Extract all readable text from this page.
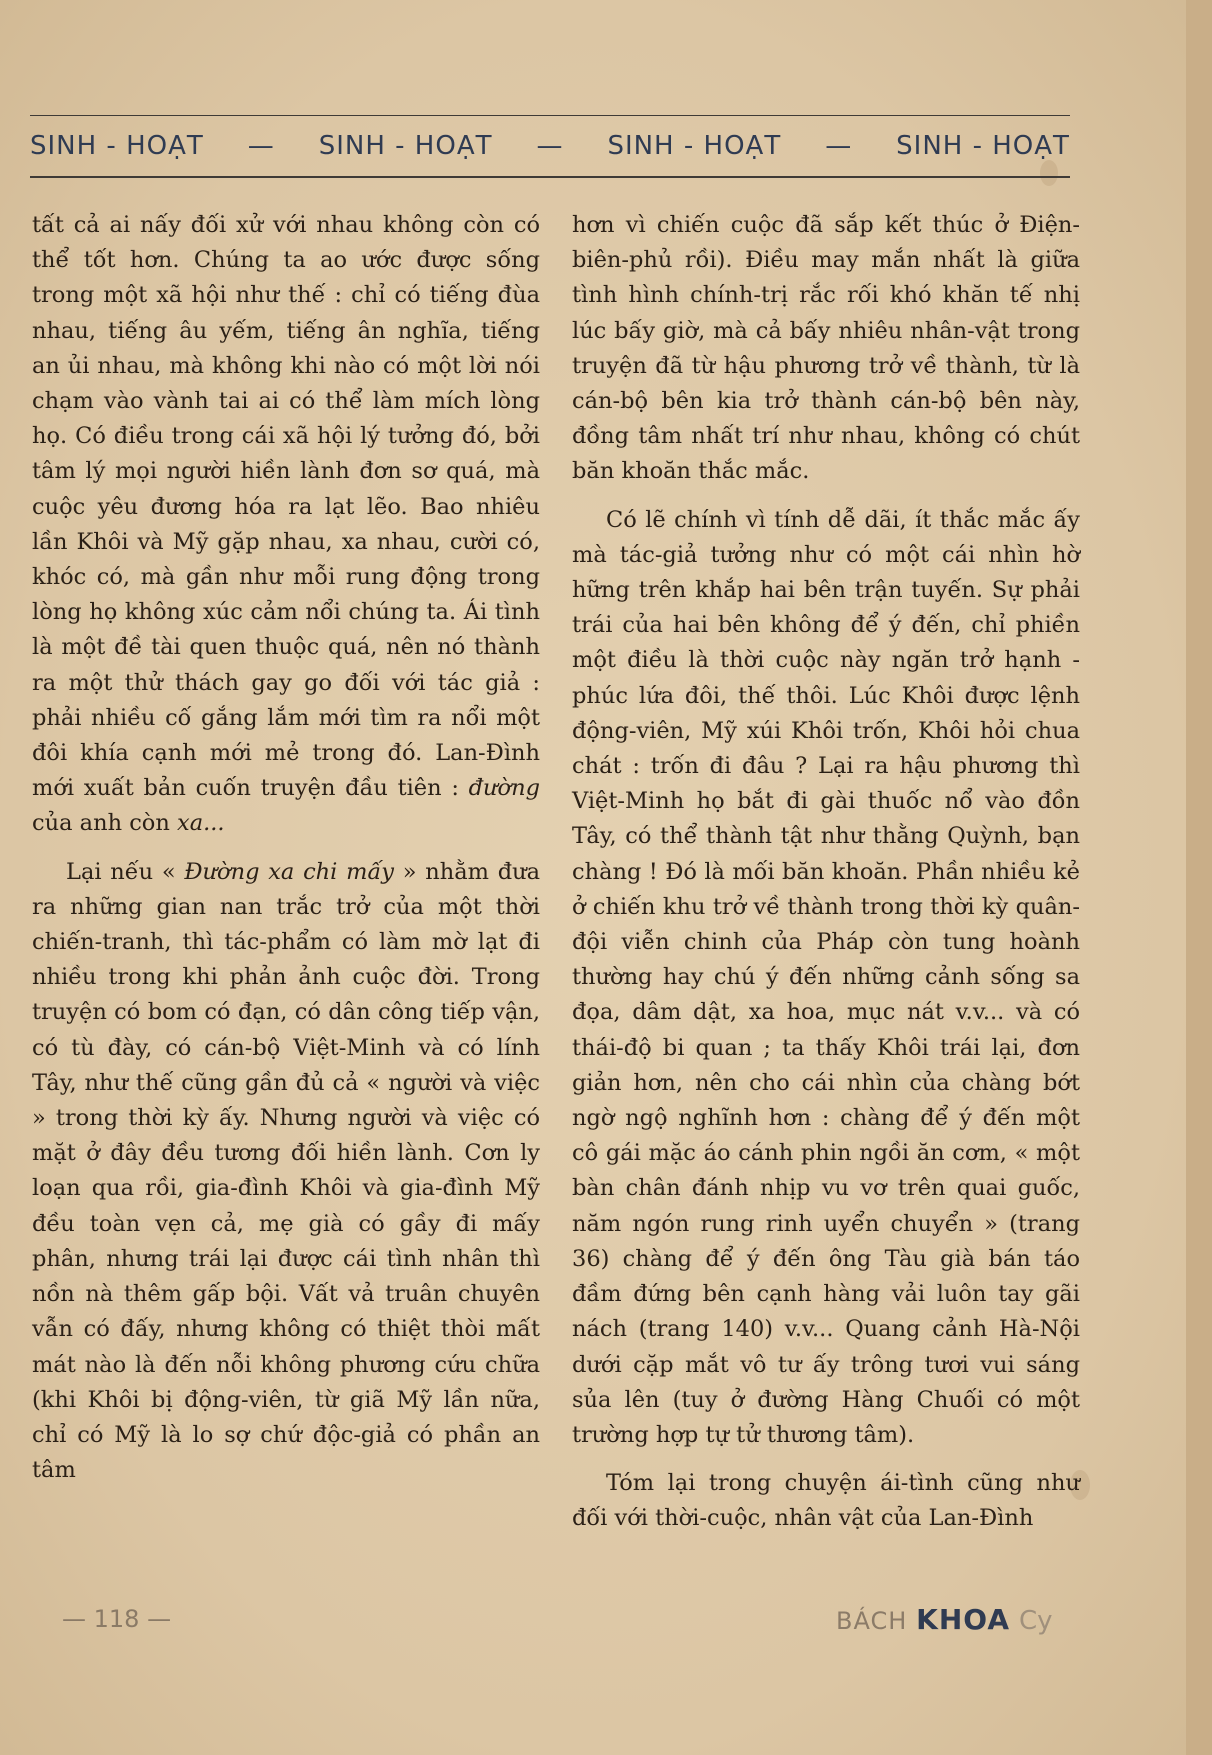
SINH - HOẠT — SINH - HOẠT — SINH - HOẠT — SINH - HOẠT

tất cả ai nấy đối xử với nhau không còn có thể tốt hơn. Chúng ta ao ước được sống trong một xã hội như thế : chỉ có tiếng đùa nhau, tiếng âu yếm, tiếng ân nghĩa, tiếng an ủi nhau, mà không khi nào có một lời nói chạm vào vành tai ai có thể làm mích lòng họ. Có điều trong cái xã hội lý tưởng đó, bởi tâm lý mọi người hiền lành đơn sơ quá, mà cuộc yêu đương hóa ra lạt lẽo. Bao nhiêu lần Khôi và Mỹ gặp nhau, xa nhau, cười có, khóc có, mà gần như mỗi rung động trong lòng họ không xúc cảm nổi chúng ta. Ái tình là một đề tài quen thuộc quá, nên nó thành ra một thử thách gay go đối với tác giả : phải nhiều cố gắng lắm mới tìm ra nổi một đôi khía cạnh mới mẻ trong đó. Lan-Đình mới xuất bản cuốn truyện đầu tiên : đường của anh còn xa...

Lại nếu « Đường xa chi mấy » nhằm đưa ra những gian nan trắc trở của một thời chiến-tranh, thì tác-phẩm có làm mờ lạt đi nhiều trong khi phản ảnh cuộc đời. Trong truyện có bom có đạn, có dân công tiếp vận, có tù đày, có cán-bộ Việt-Minh và có lính Tây, như thế cũng gần đủ cả « người và việc » trong thời kỳ ấy. Nhưng người và việc có mặt ở đây đều tương đối hiền lành. Cơn ly loạn qua rồi, gia-đình Khôi và gia-đình Mỹ đều toàn vẹn cả, mẹ già có gầy đi mấy phân, nhưng trái lại được cái tình nhân thì nồn nà thêm gấp bội. Vất vả truân chuyên vẫn có đấy, nhưng không có thiệt thòi mất mát nào là đến nỗi không phương cứu chữa (khi Khôi bị động-viên, từ giã Mỹ lần nữa, chỉ có Mỹ là lo sợ chứ độc-giả có phần an tâm

hơn vì chiến cuộc đã sắp kết thúc ở Điện-biên-phủ rồi). Điều may mắn nhất là giữa tình hình chính-trị rắc rối khó khăn tế nhị lúc bấy giờ, mà cả bấy nhiêu nhân-vật trong truyện đã từ hậu phương trở về thành, từ là cán-bộ bên kia trở thành cán-bộ bên này, đồng tâm nhất trí như nhau, không có chút băn khoăn thắc mắc.

Có lẽ chính vì tính dễ dãi, ít thắc mắc ấy mà tác-giả tưởng như có một cái nhìn hờ hững trên khắp hai bên trận tuyến. Sự phải trái của hai bên không để ý đến, chỉ phiền một điều là thời cuộc này ngăn trở hạnh - phúc lứa đôi, thế thôi. Lúc Khôi được lệnh động-viên, Mỹ xúi Khôi trốn, Khôi hỏi chua chát : trốn đi đâu ? Lại ra hậu phương thì Việt-Minh họ bắt đi gài thuốc nổ vào đồn Tây, có thể thành tật như thằng Quỳnh, bạn chàng ! Đó là mối băn khoăn. Phần nhiều kẻ ở chiến khu trở về thành trong thời kỳ quân-đội viễn chinh của Pháp còn tung hoành thường hay chú ý đến những cảnh sống sa đọa, dâm dật, xa hoa, mục nát v.v... và có thái-độ bi quan ; ta thấy Khôi trái lại, đơn giản hơn, nên cho cái nhìn của chàng bớt ngờ ngộ nghĩnh hơn : chàng để ý đến một cô gái mặc áo cánh phin ngồi ăn cơm, « một bàn chân đánh nhịp vu vơ trên quai guốc, năm ngón rung rinh uyển chuyển » (trang 36) chàng để ý đến ông Tàu già bán táo đầm đứng bên cạnh hàng vải luôn tay gãi nách (trang 140) v.v... Quang cảnh Hà-Nội dưới cặp mắt vô tư ấy trông tươi vui sáng sủa lên (tuy ở đường Hàng Chuối có một trường hợp tự tử thương tâm).

Tóm lại trong chuyện ái-tình cũng như đối với thời-cuộc, nhân vật của Lan-Đình

— 118 —	BÁCH KHOA Cy
